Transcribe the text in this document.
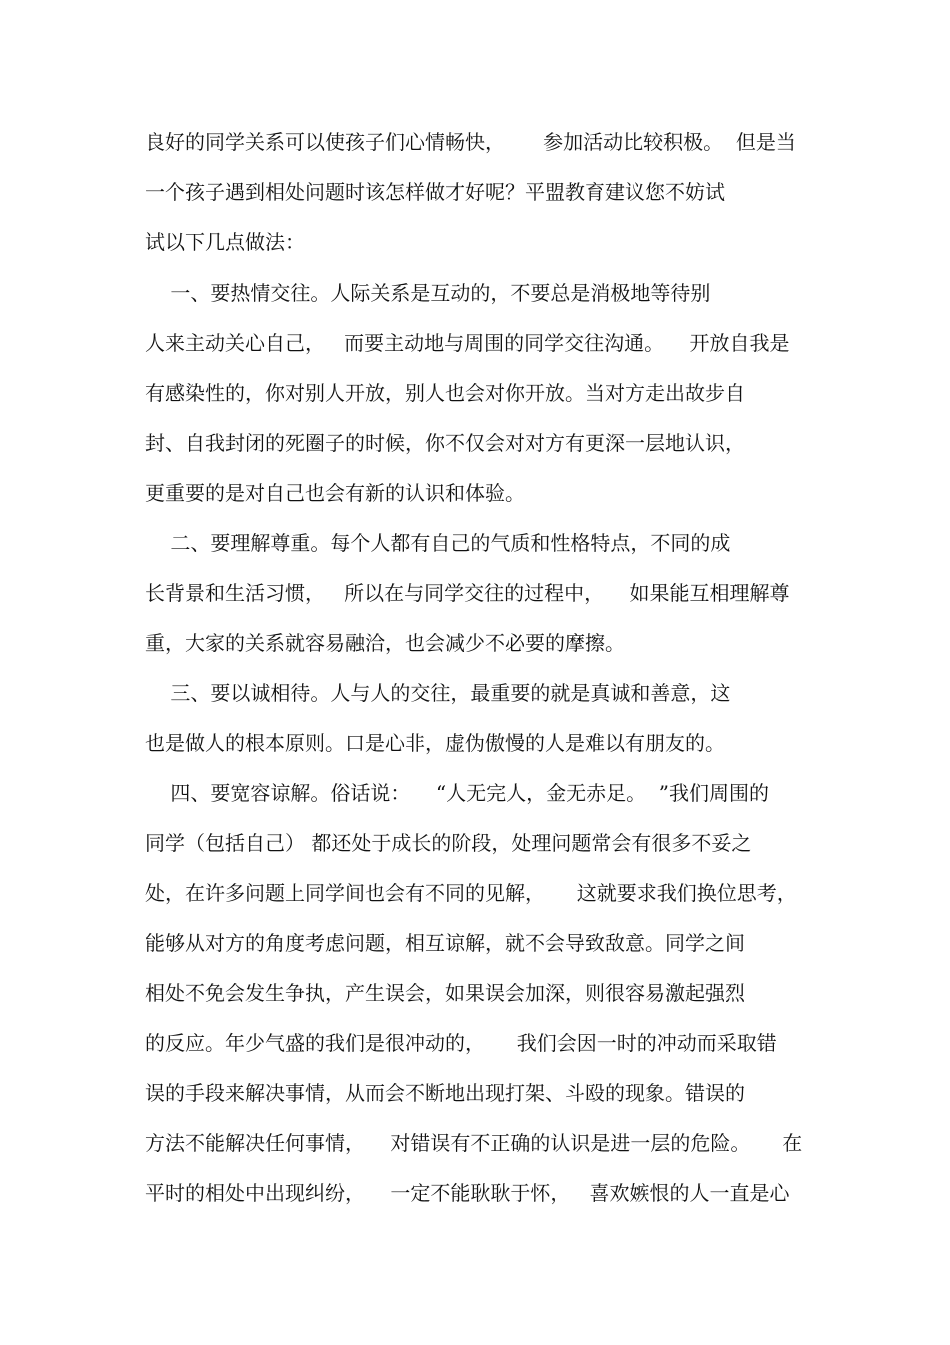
良好的同学关系可以使孩子们心情畅快，      参加活动比较积极。  但是当
一个孩子遇到相处问题时该怎样做才好呢？平盟教育建议您不妨试
试以下几点做法：
一、要热情交往。人际关系是互动的，不要总是消极地等待别
人来主动关心自己，   而要主动地与周围的同学交往沟通。    开放自我是
有感染性的，你对别人开放，别人也会对你开放。当对方走出故步自
封、自我封闭的死圈子的时候，你不仅会对对方有更深一层地认识，
更重要的是对自己也会有新的认识和体验。
二、要理解尊重。每个人都有自己的气质和性格特点，不同的成
长背景和生活习惯，   所以在与同学交往的过程中，    如果能互相理解尊
重，大家的关系就容易融洽，也会减少不必要的摩擦。
三、要以诚相待。人与人的交往，最重要的就是真诚和善意，这
也是做人的根本原则。口是心非，虚伪傲慢的人是难以有朋友的。
四、要宽容谅解。俗话说：    “人无完人，金无赤足。  ”我们周围的
同学（包括自己） 都还处于成长的阶段，处理问题常会有很多不妥之
处，在许多问题上同学间也会有不同的见解，     这就要求我们换位思考，
能够从对方的角度考虑问题，相互谅解，就不会导致敌意。同学之间
相处不免会发生争执，产生误会，如果误会加深，则很容易激起强烈
的反应。年少气盛的我们是很冲动的，     我们会因一时的冲动而采取错
误的手段来解决事情，从而会不断地出现打架、斗殴的现象。错误的
方法不能解决任何事情，    对错误有不正确的认识是进一层的危险。     在
平时的相处中出现纠纷，    一定不能耿耿于怀，   喜欢嫉恨的人一直是心
